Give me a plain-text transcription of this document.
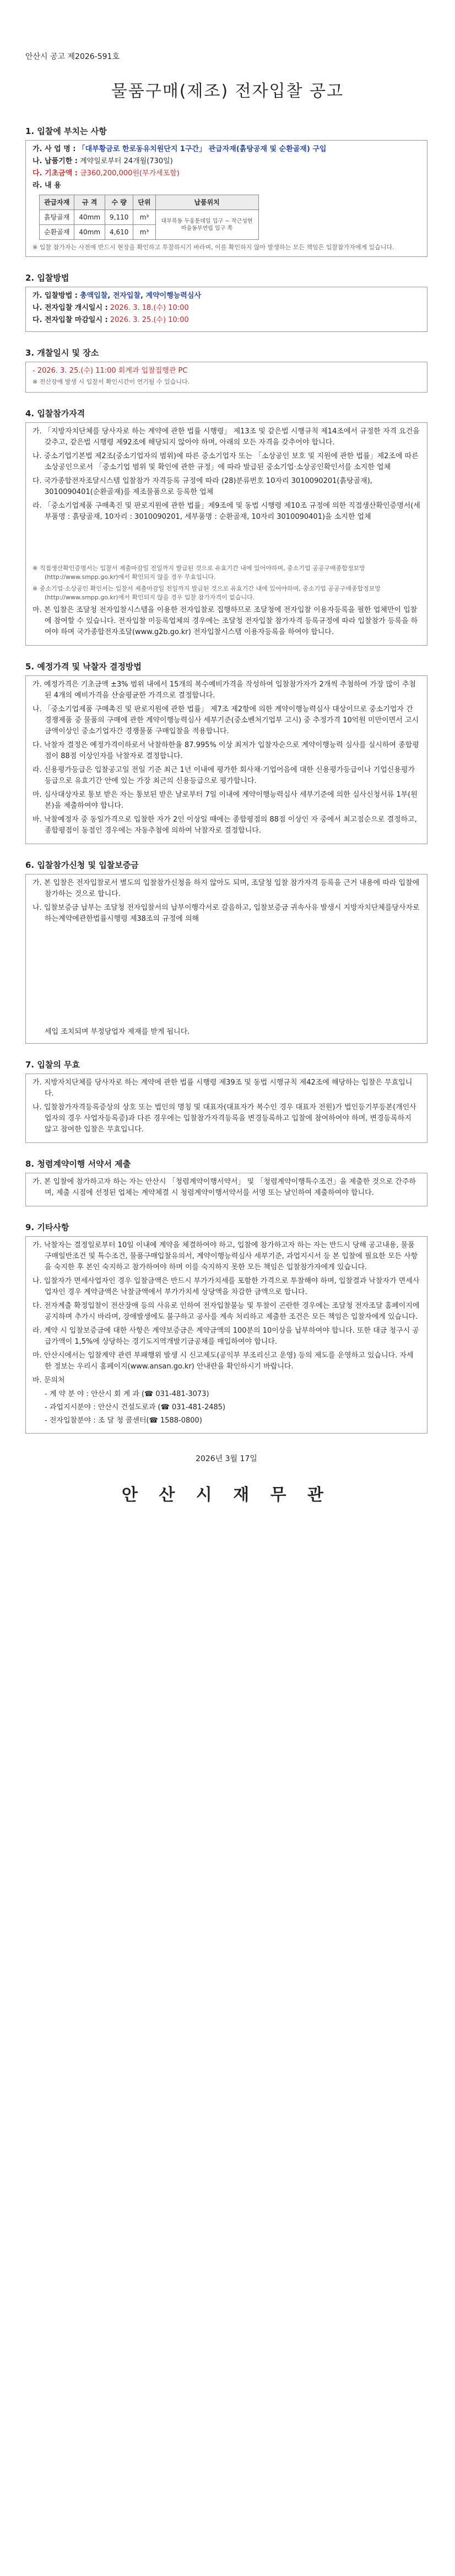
안산시 공고 제2026-591호
물품구매(제조) 전자입찰 공고
1. 입찰에 부치는 사항
가. 사 업 명 : 「대부황금로 한로동유치원단지 1구간」 관급자재(흙탕공재 및 순환골재) 구입
나. 납품기한 : 계약일로부터 24개월(730일)
다. 기초금액 : 금360,200,000원(부가세포함)
라. 내 용
관급자재	규 격	수 량	단위	납품위치
흙탕골재	40mm	9,110	m³	대부북동 두웅툰데일 입구 ~ 작근성현마을동부연립 입구 쪽
순환골재	40mm	4,610	m³	
※ 입찰 참가자는 사전에 반드시 현장을 확인하고 투찰하시기 바라며, 이를 확인하지 않아 발생하는 모든 책임은 입찰참가자에게 있습니다.
2. 입찰방법
가. 입찰방법 : 총액입찰, 전자입찰, 계약이행능력심사
나. 전자입찰 개시일시 : 2026. 3. 18.(수) 10:00
다. 전자입찰 마감일시 : 2026. 3. 25.(수) 10:00
3. 개찰일시 및 장소
- 2026. 3. 25.(수) 11:00 회계과 입찰집행관 PC
※ 전산장애 발생 시 입찰서 확인시간이 연기될 수 있습니다.
4. 입찰참가자격
가. 「지방자치단체를 당사자로 하는 계약에 관한 법률 시행령」 제13조 및 같은법 시행규칙 제14조에서 규정한 자격 요건을 갖추고, 같은법 시행령 제92조에 해당되지 않아야 하며, 아래의 모든 자격을 갖추어야 합니다.
나. 중소기업기본법 제2조(중소기업자의 범위)에 따른 중소기업자 또는 「소상공인 보호 및 지원에 관한 법률」제2조에 따른 소상공인으로서 「중소기업 범위 및 확인에 관한 규정」에 따라 발급된 중소기업·소상공인확인서를 소지한 업체
다. 국가종합전자조달시스템 입찰참가 자격등록 규정에 따라 (28)분류번호 10자리 3010090201(흙탕골재), 3010090401(순환골재)를 제조물품으로 등록한 업체
라. 「중소기업제품 구매촉진 및 판로지원에 관한 법률」제9조에 및 동법 시행령 제10조 규정에 의한 직접생산확인증명서(세부품명 : 흙탕골재, 10자리 : 3010090201, 세부품명 : 순환골재, 10자리 3010090401)을 소지한 업체
※ 직접생산확인증명서는 입찰서 제출마감일 전일까지 발급된 것으로 유효기간 내에 있어야하며, 중소기업 공공구매종합정보망(http://www.smpp.go.kr)에서 확인되지 않을 경우 무효입니다.
※ 중소기업·소상공인 확인서는 입찰서 제출마감일 전일까지 발급된 것으로 유효기간 내에 있어야하며, 중소기업 공공구매종합정보망(http://www.smpp.go.kr)에서 확인되지 않을 경우 입찰 참가자격이 없습니다.
마. 본 입찰은 조달청 전자입찰시스템을 이용한 전자입찰로 집행하므로 조달청에 전자입찰 이용자등록을 필한 업체만이 입찰에 참여할 수 있습니다. 전자입찰 미등록업체의 경우에는 조달청 전자입찰 참가자격 등록규정에 따라 입찰참가 등록을 하여야 하며 국가종합전자조달(www.g2b.go.kr) 전자입찰시스템 이용자등록을 하여야 합니다.
5. 예정가격 및 낙찰자 결정방법
가. 예정가격은 기초금액 ±3% 범위 내에서 15개의 복수예비가격을 작성하여 입찰참가자가 2개씩 추첨하여 가장 많이 추첨된 4개의 예비가격을 산술평균한 가격으로 결정합니다.
나. 「중소기업제품 구매촉진 및 판로지원에 관한 법률」 제7조 제2항에 의한 계약이행능력심사 대상이므로 중소기업자 간 경쟁제품 중 물품의 구매에 관한 계약이행능력심사 세부기준(중소벤처기업부 고시) 중 추정가격 10억원 미만이면서 고시금액이상인 중소기업자간 경쟁물품 구매입찰을 적용합니다.
다. 낙찰자 결정은 예정가격이하로서 낙찰하한율 87.995% 이상 최저가 입찰자순으로 계약이행능력 심사를 실시하여 종합평점이 88점 이상인자를 낙찰자로 결정합니다.
라. 신용평가등급은 입찰공고일 전일 기준 최근 1년 이내에 평가한 회사채·기업어음에 대한 신용평가등급이나 기업신용평가등급으로 유효기간 안에 있는 가장 최근의 신용등급으로 평가합니다.
마. 심사대상자로 통보 받은 자는 통보된 받은 날로부터 7일 이내에 계약이행능력심사 세부기준에 의한 심사신청서류 1부(원본)을 제출하여야 합니다.
바. 낙찰예정자 중 동일가격으로 입찰한 자가 2인 이상일 때에는 종합평점의 88점 이상인 자 중에서 최고점순으로 결정하고, 종합평점이 동점인 경우에는 자동추첨에 의하여 낙찰자로 결정합니다.
6. 입찰참가신청 및 입찰보증금
가. 본 입찰은 전자입찰로서 별도의 입찰참가신청을 하지 않아도 되며, 조달청 입찰 참가자격 등록을 근거 내용에 따라 입찰에 참가하는 것으로 합니다.
나. 입찰보증금 납부는 조달청 전자입찰서의 납부이행각서로 갈음하고, 입찰보증금 귀속사유 발생시 지방자치단체를당사자로하는계약에관한법률시행령 제38조의 규정에 의해
세입 조치되며 부정당업자 제재를 받게 됩니다.
7. 입찰의 무효
가. 지방자치단체를 당사자로 하는 계약에 관한 법률 시행령 제39조 및 동법 시행규칙 제42조에 해당하는 입찰은 무효입니다.
나. 입찰참가자격등록증상의 상호 또는 법인의 명칭 및 대표자(대표자가 복수인 경우 대표자 전원)가 법인등기부등본(개인사업자의 경우 사업자등록증)과 다른 경우에는 입찰참가자격등록을 변경등록하고 입찰에 참여하여야 하며, 변경등록하지 않고 참여한 입찰은 무효입니다.
8. 청렴계약이행 서약서 제출
가. 본 입찰에 참가하고자 하는 자는 안산시 「청렴계약이행서약서」 및 「청렴계약이행특수조건」을 제출한 것으로 간주하며, 제출 시점에 선정된 업체는 계약체결 시 청렴계약이행서약서를 서명 또는 날인하여 제출하여야 합니다.
9. 기타사항
가. 낙찰자는 결정일로부터 10일 이내에 계약을 체결하여야 하고, 입찰에 참가하고자 하는 자는 반드시 당해 공고내용, 물품구매일반조건 및 특수조건, 물품구매입찰유의서, 계약이행능력심사 세부기준, 과업지시서 등 본 입찰에 필요한 모든 사항을 숙지한 후 본인 숙지하고 참가하여야 하며 이를 숙지하지 못한 모든 책임은 입찰참가자에게 있습니다.
나. 입찰자가 면세사업자인 경우 입찰금액은 반드시 부가가치세를 포함한 가격으로 투찰해야 하며, 입찰결과 낙찰자가 면세사업자인 경우 계약금액은 낙찰금액에서 부가가치세 상당액을 차감한 금액으로 합니다.
다. 전자계출 확정입찰이 전산장애 등의 사유로 인하여 전자입찰불능 및 투찰이 곤란한 경우에는 조달청 전자조달 홈페이지에 공지하며 추가시 바라며, 장애발생에도 불구하고 공사를 계속 처리하고 제출한 조건은 모든 책임은 입찰자에게 있습니다.
라. 계약 시 입찰보증금에 대한 사항은 계약보증금은 계약금액의 100분의 10이상을 납부하여야 합니다. 또한 대금 청구시 공급가액이 1,5%에 상당하는 경기도지역개발기금공채를 매입하여야 합니다.
마. 안산시에서는 입찰계약 관련 부패행위 발생 시 신고제도(공익부 부조리신고 운영) 등의 제도를 운영하고 있습니다. 자세한 정보는 우리시 홈페이지(www.ansan.go.kr) 안내란을 확인하시기 바랍니다.
바. 문의처
- 계 약 분 야 : 안산시 회 계 과 (☎ 031-481-3073)
- 과업지시분야 : 안산시 건설도로과 (☎ 031-481-2485)
- 전자입찰분야 : 조 달 청 콜센터(☎ 1588-0800)
2026년 3월 17일
안 산 시 재 무 관
